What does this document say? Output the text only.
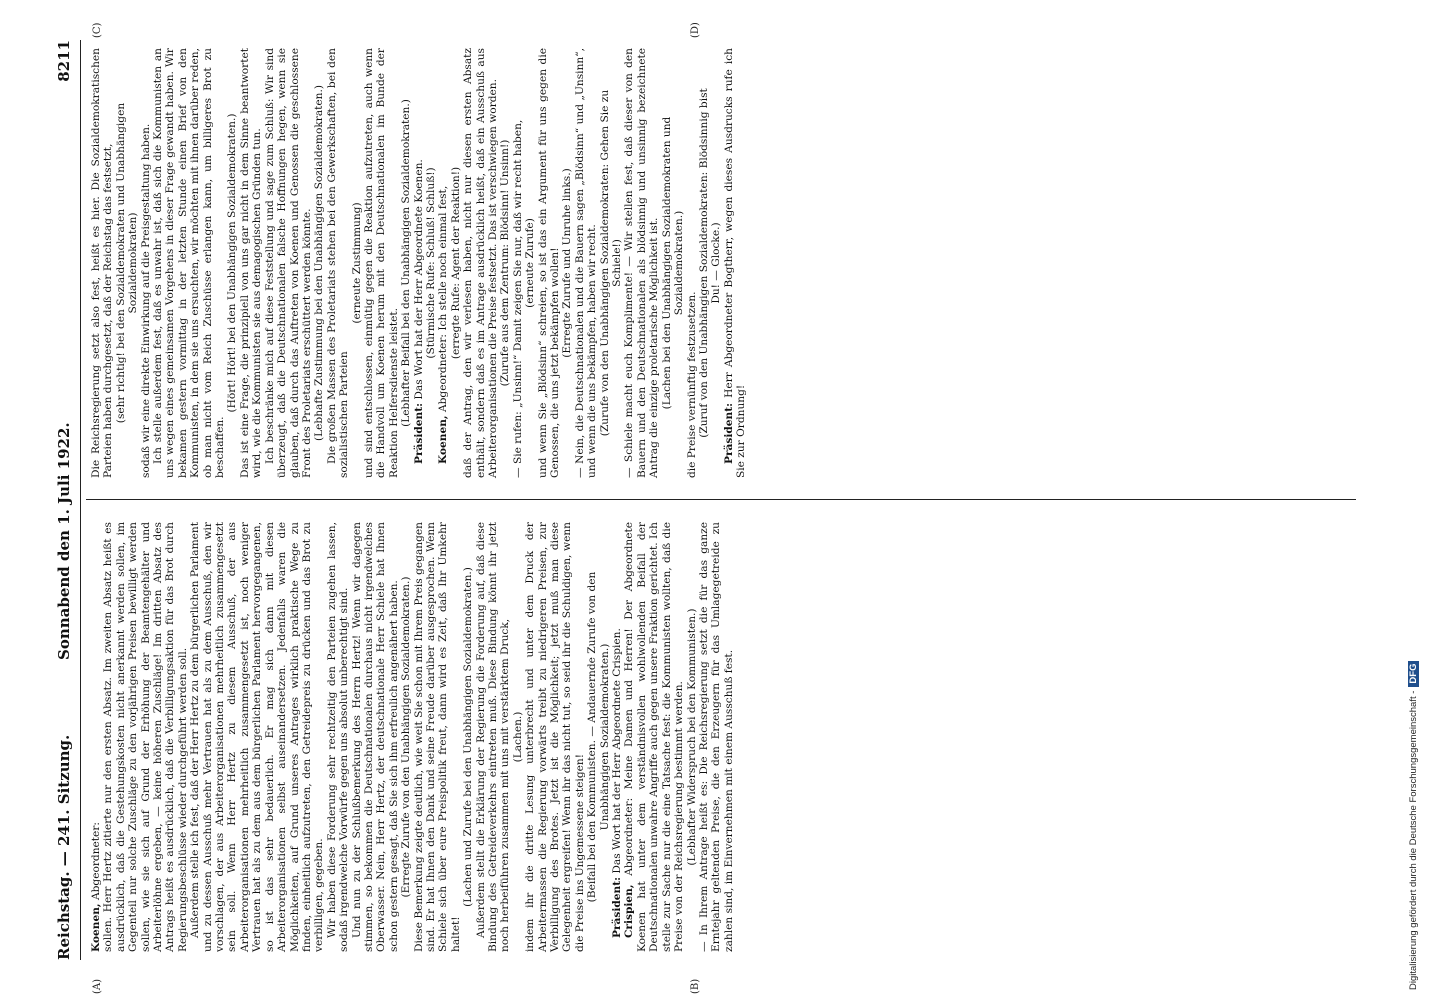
Reichstag. — 241. Sitzung.
Sonnabend den 1. Juli 1922.
8211
(A)	(B)
(C)	(D)

Koenen, Abgeordneter: sollen. Herr Hertz zitierte nur den ersten Absatz. Im zweiten Absatz heißt es ausdrücklich, daß die Gestehungskosten nicht anerkannt werden sollen, im Gegenteil nur solche Zuschläge zu den vorjährigen Preisen bewilligt werden sollen, wie sie sich auf Grund der Erhöhung der Beamtengehälter und Arbeiterlöhne ergeben, — keine höheren Zuschläge! Im dritten Absatz des Antrags heißt es ausdrücklich, daß die Verbilligungsaktion für das Brot durch Regierungsbeschlüsse wieder durchgeführt werden soll. Außerdem stelle ich fest, daß der Herr Hertz zu dem bürgerlichen Parlament und zu dessen Ausschuß mehr Vertrauen hat als zu dem Ausschuß, den wir vorschlagen, der aus Arbeiterorganisationen mehrheitlich zusammengesetzt sein soll. Wenn Herr Hertz zu diesem Ausschuß, der aus Arbeiterorganisationen mehrheitlich zusammengesetzt ist, noch weniger Vertrauen hat als zu dem aus dem bürgerlichen Parlament hervorgegangenen, so ist das sehr bedauerlich. Er mag sich dann mit diesen Arbeiterorganisationen selbst auseinandersetzen. Jedenfalls waren die Möglichkeiten, auf Grund unseres Antrages wirklich praktische Wege zu finden, einheitlich aufzutreten, den Getreidepreis zu drücken und das Brot zu verbilligen, gegeben. Wir haben diese Forderung sehr rechtzeitig den Parteien zugehen lassen, sodaß irgendwelche Vorwürfe gegen uns absolut unberechtigt sind. Und nun zu der Schlußbemerkung des Herrn Hertz! Wenn wir dagegen stimmen, so bekommen die Deutschnationalen durchaus nicht irgendwelches Oberwasser. Nein, Herr Hertz, der deutschnationale Herr Schiele hat Ihnen schon gestern gesagt, daß Sie sich ihm erfreulich angenähert haben. (Erregte Zurufe von den Unabhängigen Sozialdemokraten.) Diese Bemerkung zeigte deutlich, wie weit Sie schon mit Ihrem Preis gegangen sind. Er hat Ihnen den Dank und seine Freude darüber ausgesprochen. Wenn Schiele sich über eure Preispolitik freut, dann wird es Zeit, daß Ihr Umkehr haltet!

(Lachen und Zurufe bei den Unabhängigen Sozialdemokraten.) Außerdem stellt die Erklärung der Regierung die Forderung auf, daß diese Bindung des Getreideverkehrs eintreten muß. Diese Bindung könnt ihr jetzt noch herbeiführen zusammen mit uns mit verstärktem Druck, (Lachen.) indem ihr die dritte Lesung unterbrecht und unter dem Druck der Arbeitermassen die Regierung vorwärts treibt zu niedrigeren Preisen, zur Verbilligung des Brotes. Jetzt ist die Möglichkeit; jetzt muß man diese Gelegenheit ergreifen! Wenn ihr das nicht tut, so seid ihr die Schuldigen, wenn die Preise ins Ungemessene steigen! (Beifall bei den Kommunisten. — Andauernde Zurufe von den Unabhängigen Sozialdemokraten.)

Präsident: Das Wort hat der Herr Abgeordnete Crispien.

Crispien, Abgeordneter: Meine Damen und Herren! Der Abgeordnete Koenen hat unter dem verständnisvollen wohlwollenden Beifall der Deutschnationalen unwahre Angriffe auch gegen unsere Fraktion gerichtet. Ich stelle zur Sache nur die eine Tatsache fest: die Kommunisten wollten, daß die Preise von der Reichsregierung bestimmt werden. (Lebhafter Widerspruch bei den Kommunisten.) — In Ihrem Antrage heißt es: Die Reichsregierung setzt die für das ganze Erntejahr geltenden Preise, die den Erzeugern für das Umlagegetreide zu zahlen sind, im Einvernehmen mit einem Ausschuß fest.

Die Reichsregierung setzt also fest, heißt es hier. Die Sozialdemokratischen Parteien haben durchgesetzt, daß der Reichstag das festsetzt, (sehr richtig! bei den Sozialdemokraten und Unabhängigen Sozialdemokraten) sodaß wir eine direkte Einwirkung auf die Preisgestaltung haben. Ich stelle außerdem fest, daß es unwahr ist, daß sich die Kommunisten an uns wegen eines gemeinsamen Vorgehens in dieser Frage gewandt haben. Wir bekamen gestern vormittag in der letzten Stunde einen Brief von den Kommunisten, in dem sie uns ersuchten, wir möchten mit ihnen darüber reden, ob man nicht vom Reich Zuschüsse erlangen kann, um billigeres Brot zu beschaffen.

(Hört! Hört! bei den Unabhängigen Sozialdemokraten.) Das ist eine Frage, die prinzipiell von uns gar nicht in dem Sinne beantwortet wird, wie die Kommunisten sie aus demagogischen Gründen tun. Ich beschränke mich auf diese Feststellung und sage zum Schluß: Wir sind überzeugt, daß die Deutschnationalen falsche Hoffnungen hegen, wenn sie glauben, daß durch das Auftreten von Koenen und Genossen die geschlossene Front des Proletariats erschüttert werden könnte. (Lebhafte Zustimmung bei den Unabhängigen Sozialdemokraten.) Die großen Massen des Proletariats stehen bei den Gewerkschaften, bei den sozialistischen Parteien

(erneute Zustimmung) und sind entschlossen, einmütig gegen die Reaktion aufzutreten, auch wenn die Handvoll um Koenen herum mit den Deutschnationalen im Bunde der Reaktion Helfersdienste leistet. (Lebhafter Beifall bei den Unabhängigen Sozialdemokraten.)

Präsident: Das Wort hat der Herr Abgeordnete Koenen. (Stürmische Rufe: Schluß! Schluß!)

Koenen, Abgeordneter: Ich stelle noch einmal fest, (erregte Rufe: Agent der Reaktion!) daß der Antrag, den wir verlesen haben, nicht nur diesen ersten Absatz enthält, sondern daß es im Antrage ausdrücklich heißt, daß ein Ausschuß aus Arbeiterorganisationen die Preise festsetzt. Das ist verschwiegen worden. (Zurufe aus dem Zentrum: Blödsinn! Unsinn!) — Sie rufen: „Unsinn!“ Damit zeigen Sie nur, daß wir recht haben, (erneute Zurufe) und wenn Sie „Blödsinn“ schreien, so ist das ein Argument für uns gegen die Genossen, die uns jetzt bekämpfen wollen! (Erregte Zurufe und Unruhe links.) — Nein, die Deutschnationalen und die Bauern sagen „Blödsinn“ und „Unsinn“, und wenn die uns bekämpfen, haben wir recht. (Zurufe von den Unabhängigen Sozialdemokraten: Gehen Sie zu Schiele!) — Schiele macht euch Komplimente! — Wir stellen fest, daß dieser von den Bauern und den Deutschnationalen als blödsinnig und unsinnig bezeichnete Antrag die einzige proletarische Möglichkeit ist. (Lachen bei den Unabhängigen Sozialdemokraten und Sozialdemokraten.)

die Preise vernünftig festzusetzen. (Zuruf von den Unabhängigen Sozialdemokraten: Blödsinnig bist Du! — Glocke.)

Präsident: Herr Abgeordneter Bogtherr, wegen dieses Ausdrucks rufe ich Sie zur Ordnung!

Digitalisierung gefördert durch die Deutsche Forschungsgemeinschaft -DFG
